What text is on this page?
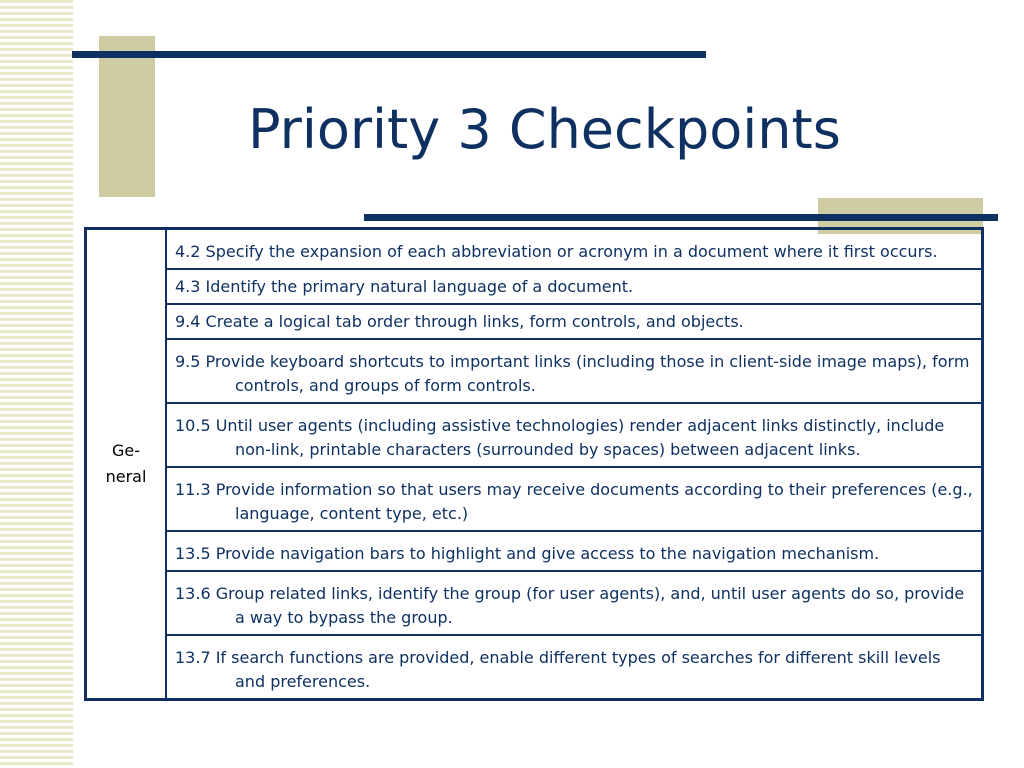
Priority 3 Checkpoints
Ge-
neral	4.2 Specify the expansion of each abbreviation or acronym in a document where it first occurs.
4.3 Identify the primary natural language of a document.
9.4 Create a logical tab order through links, form controls, and objects.
9.5 Provide keyboard shortcuts to important links (including those in client-side image maps), form controls, and groups of form controls.
10.5 Until user agents (including assistive technologies) render adjacent links distinctly, include non-link, printable characters (surrounded by spaces) between adjacent links.
11.3 Provide information so that users may receive documents according to their preferences (e.g., language, content type, etc.)
13.5 Provide navigation bars to highlight and give access to the navigation mechanism.
13.6 Group related links, identify the group (for user agents), and, until user agents do so, provide a way to bypass the group.
13.7 If search functions are provided, enable different types of searches for different skill levels and preferences.
